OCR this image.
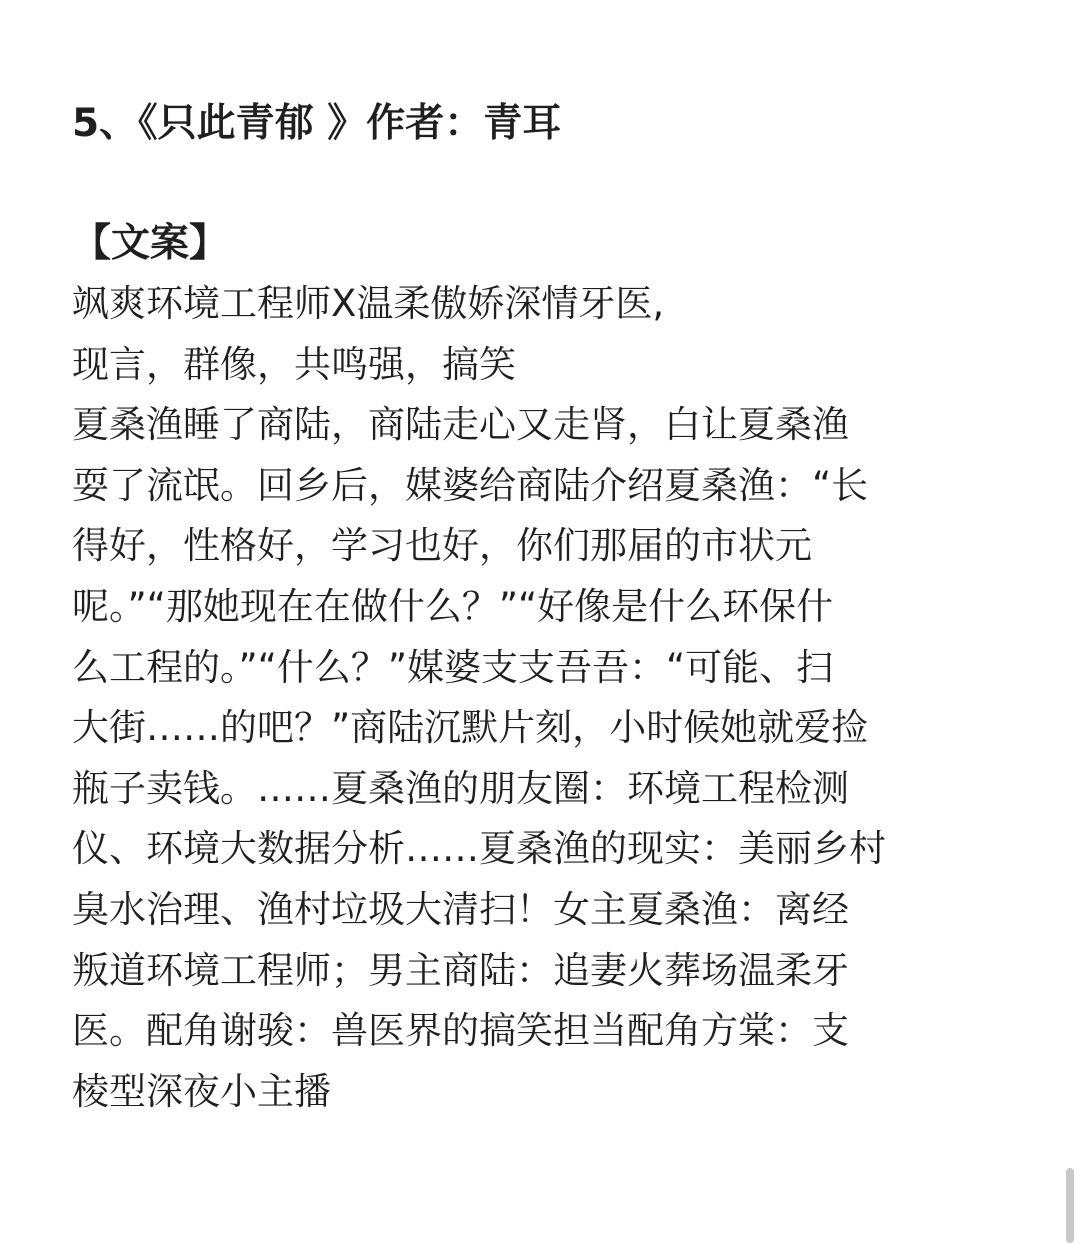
5、《只此青郁 》作者：青耳
【文案】
飒爽环境工程师X温柔傲娇深情牙医,
现言，群像，共鸣强，搞笑
夏桑渔睡了商陆，商陆走心又走肾，白让夏桑渔
耍了流氓。回乡后，媒婆给商陆介绍夏桑渔：“长
得好，性格好，学习也好，你们那届的市状元
呢。”“那她现在在做什么？”“好像是什么环保什
么工程的。”“什么？”媒婆支支吾吾：“可能、扫
大街……的吧？”商陆沉默片刻，小时候她就爱捡
瓶子卖钱。……夏桑渔的朋友圈：环境工程检测
仪、环境大数据分析……夏桑渔的现实：美丽乡村
臭水治理、渔村垃圾大清扫！女主夏桑渔：离经
叛道环境工程师；男主商陆：追妻火葬场温柔牙
医。配角谢骏：兽医界的搞笑担当配角方棠：支
棱型深夜小主播
